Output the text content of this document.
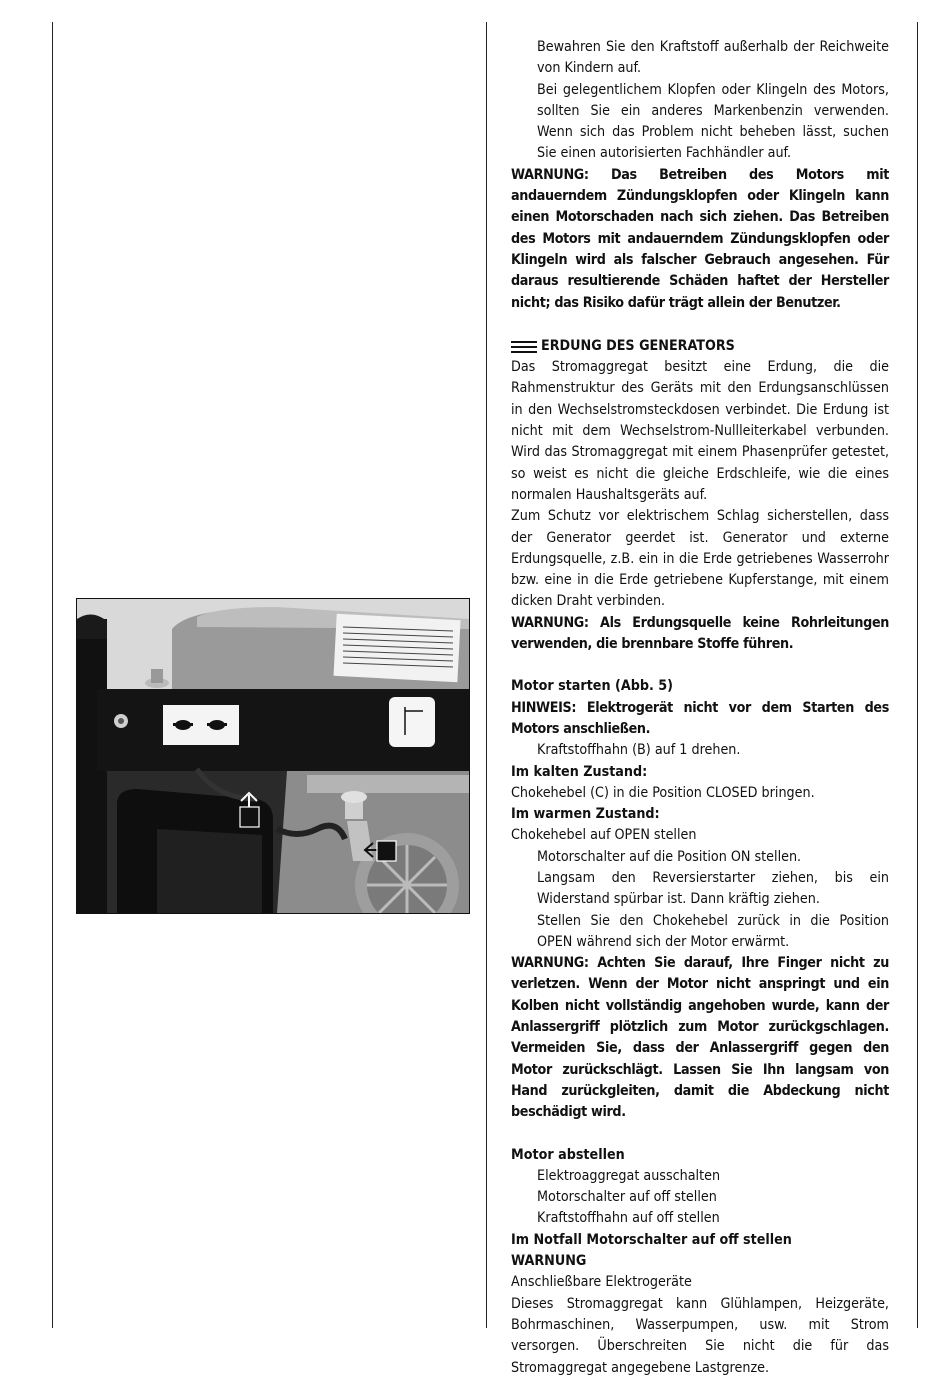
Bewahren Sie den Kraftstoff außerhalb der Reichweite von Kindern auf.

Bei gelegentlichem Klopfen oder Klingeln des Motors, sollten Sie ein anderes Markenbenzin verwenden. Wenn sich das Problem nicht beheben lässt, suchen Sie einen autorisierten Fachhändler auf.

WARNUNG: Das Betreiben des Motors mit andauerndem Zündungsklopfen oder Klingeln kann einen Motorschaden nach sich ziehen. Das Betreiben des Motors mit andauerndem Zündungsklopfen oder Klingeln wird als falscher Gebrauch angesehen. Für daraus resultierende Schäden haftet der Hersteller nicht; das Risiko dafür trägt allein der Benutzer.

ERDUNG DES GENERATORS

Das Stromaggregat besitzt eine Erdung, die die Rahmenstruktur des Geräts mit den Erdungsanschlüssen in den Wechselstromsteckdosen verbindet. Die Erdung ist nicht mit dem Wechselstrom-Nullleiterkabel verbunden. Wird das Stromaggregat mit einem Phasenprüfer getestet, so weist es nicht die gleiche Erdschleife, wie die eines normalen Haushaltsgeräts auf.

Zum Schutz vor elektrischem Schlag sicherstellen, dass der Generator geerdet ist. Generator und externe Erdungsquelle, z.B. ein in die Erde getriebenes Wasserrohr bzw. eine in die Erde getriebene Kupferstange, mit einem dicken Draht verbinden.

WARNUNG: Als Erdungsquelle keine Rohrleitungen verwenden, die brennbare Stoffe führen.

Motor starten (Abb. 5)

HINWEIS: Elektrogerät nicht vor dem Starten des Motors anschließen.

Kraftstoffhahn (B) auf 1 drehen.

Im kalten Zustand:

Chokehebel (C) in die Position CLOSED bringen.

Im warmen Zustand:

Chokehebel auf OPEN stellen

Motorschalter auf die Position ON stellen.

Langsam den Reversierstarter ziehen, bis ein Widerstand spürbar ist. Dann kräftig ziehen.

Stellen Sie den Chokehebel zurück in die Position OPEN während sich der Motor erwärmt.

WARNUNG: Achten Sie darauf, Ihre Finger nicht zu verletzen. Wenn der Motor nicht anspringt und ein Kolben nicht vollständig angehoben wurde, kann der Anlassergriff plötzlich zum Motor zurückgschlagen. Vermeiden Sie, dass der Anlassergriff gegen den Motor zurückschlägt. Lassen Sie Ihn langsam von Hand zurückgleiten, damit die Abdeckung nicht beschädigt wird.

Motor abstellen

Elektroaggregat ausschalten

Motorschalter auf off stellen

Kraftstoffhahn auf off stellen

Im Notfall Motorschalter auf off stellen

WARNUNG

Anschließbare Elektrogeräte

Dieses Stromaggregat kann Glühlampen, Heizgeräte, Bohrmaschinen, Wasserpumpen, usw. mit Strom versorgen. Überschreiten Sie nicht die für das Stromaggregat angegebene Lastgrenze.
